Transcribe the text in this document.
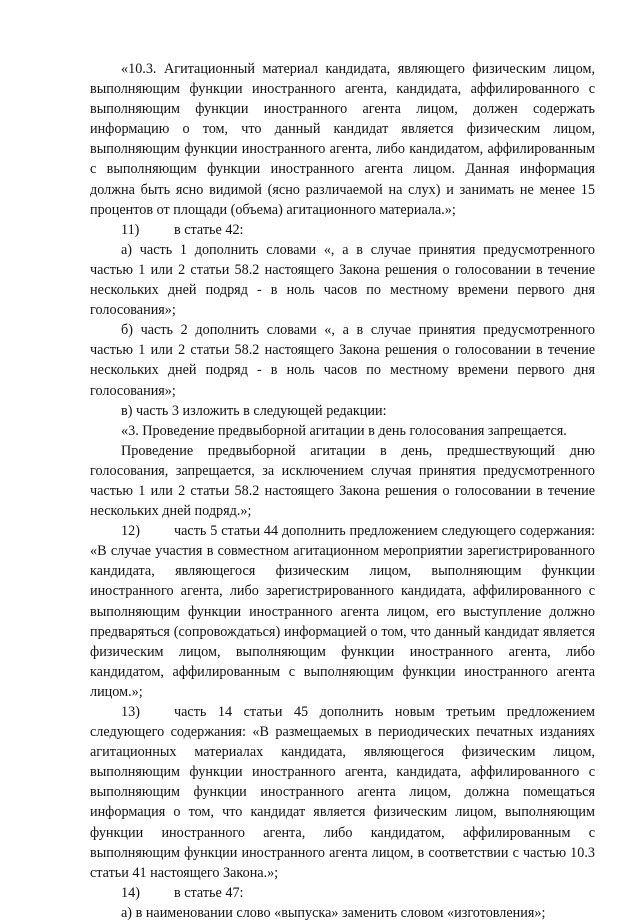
«10.3. Агитационный материал кандидата, являющего физическим лицом, выполняющим функции иностранного агента, кандидата, аффилированного с выполняющим функции иностранного агента лицом, должен содержать информацию о том, что данный кандидат является физическим лицом, выполняющим функции иностранного агента, либо кандидатом, аффилированным с выполняющим функции иностранного агента лицом. Данная информация должна быть ясно видимой (ясно различаемой на слух) и занимать не менее 15 процентов от площади (объема) агитационного материала.»;

11) в статье 42:

а) часть 1 дополнить словами «, а в случае принятия предусмотренного частью 1 или 2 статьи 58.2 настоящего Закона решения о голосовании в течение нескольких дней подряд - в ноль часов по местному времени первого дня голосования»;

б) часть 2 дополнить словами «, а в случае принятия предусмотренного частью 1 или 2 статьи 58.2 настоящего Закона решения о голосовании в течение нескольких дней подряд - в ноль часов по местному времени первого дня голосования»;

в) часть 3 изложить в следующей редакции:

«3. Проведение предвыборной агитации в день голосования запрещается.

Проведение предвыборной агитации в день, предшествующий дню голосования, запрещается, за исключением случая принятия предусмотренного частью 1 или 2 статьи 58.2 настоящего Закона решения о голосовании в течение нескольких дней подряд.»;

12) часть 5 статьи 44 дополнить предложением следующего содержания: «В случае участия в совместном агитационном мероприятии зарегистрированного кандидата, являющегося физическим лицом, выполняющим функции иностранного агента, либо зарегистрированного кандидата, аффилированного с выполняющим функции иностранного агента лицом, его выступление должно предваряться (сопровождаться) информацией о том, что данный кандидат является физическим лицом, выполняющим функции иностранного агента, либо кандидатом, аффилированным с выполняющим функции иностранного агента лицом.»;

13) часть 14 статьи 45 дополнить новым третьим предложением следующего содержания: «В размещаемых в периодических печатных изданиях агитационных материалах кандидата, являющегося физическим лицом, выполняющим функции иностранного агента, кандидата, аффилированного с выполняющим функции иностранного агента лицом, должна помещаться информация о том, что кандидат является физическим лицом, выполняющим функции иностранного агента, либо кандидатом, аффилированным с выполняющим функции иностранного агента лицом, в соответствии с частью 10.3 статьи 41 настоящего Закона.»;

14) в статье 47:

а) в наименовании слово «выпуска» заменить словом «изготовления»;
